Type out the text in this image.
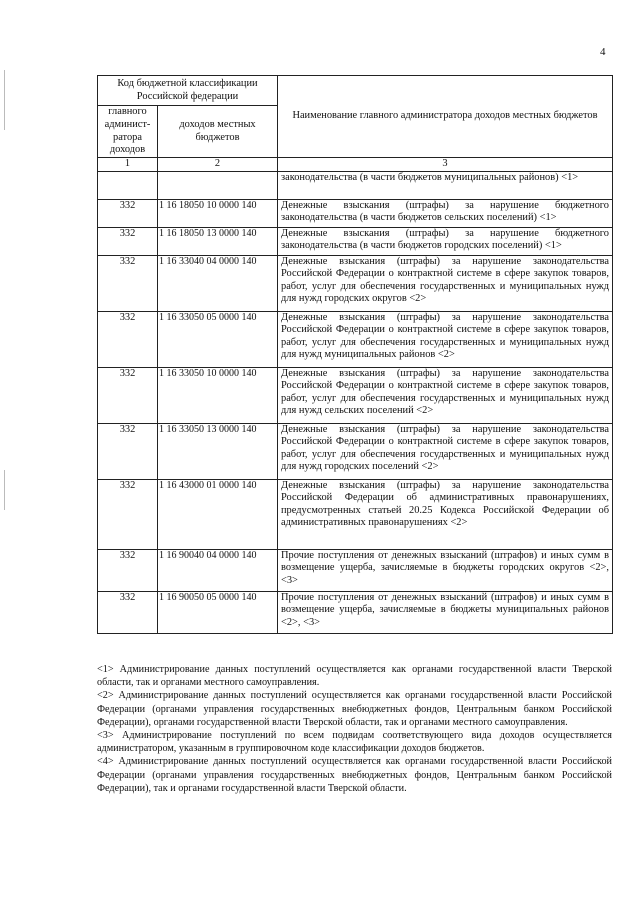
4
Код бюджетной классификации Российской федерации		Наименование главного администратора доходов местных бюджетов
главного админист-ратора доходов	доходов местных бюджетов	
1	2	3
		законодательства (в части бюджетов муниципальных районов) <1>
332	1 16 18050 10 0000 140	Денежные взыскания (штрафы) за нарушение бюджетного законодательства (в части бюджетов сельских поселений) <1>
332	1 16 18050 13 0000 140	Денежные взыскания (штрафы) за нарушение бюджетного законодательства (в части бюджетов городских поселений) <1>
332	1 16 33040 04 0000 140	Денежные взыскания (штрафы) за нарушение законодательства Российской Федерации о контрактной системе в сфере закупок товаров, работ, услуг для обеспечения государственных и муниципальных нужд для нужд городских округов <2>
332	1 16 33050 05 0000 140	Денежные взыскания (штрафы) за нарушение законодательства Российской Федерации о контрактной системе в сфере закупок товаров, работ, услуг для обеспечения государственных и муниципальных нужд для нужд муниципальных районов <2>
332	1 16 33050 10 0000 140	Денежные взыскания (штрафы) за нарушение законодательства Российской Федерации о контрактной системе в сфере закупок товаров, работ, услуг для обеспечения государственных и муниципальных нужд для нужд сельских поселений <2>
332	1 16 33050 13 0000 140	Денежные взыскания (штрафы) за нарушение законодательства Российской Федерации о контрактной системе в сфере закупок товаров, работ, услуг для обеспечения государственных и муниципальных нужд для нужд городских поселений <2>
332	1 16 43000 01 0000 140	Денежные взыскания (штрафы) за нарушение законодательства Российской Федерации об административных правонарушениях, предусмотренных статьей 20.25 Кодекса Российской Федерации об административных правонарушениях <2>
332	1 16 90040 04 0000 140	Прочие поступления от денежных взысканий (штрафов) и иных сумм в возмещение ущерба, зачисляемые в бюджеты городских округов <2>, <3>
332	1 16 90050 05 0000 140	Прочие поступления от денежных взысканий (штрафов) и иных сумм в возмещение ущерба, зачисляемые в бюджеты муниципальных районов <2>, <3>

<1> Администрирование данных поступлений осуществляется как органами государственной власти Тверской области, так и органами местного самоуправления.

<2> Администрирование данных поступлений осуществляется как органами государственной власти Российской Федерации (органами управления государственных внебюджетных фондов, Центральным банком Российской Федерации), органами государственной власти Тверской области, так и органами местного самоуправления.

<3> Администрирование поступлений по всем подвидам соответствующего вида доходов осуществляется администратором, указанным в группировочном коде классификации доходов бюджетов.

<4> Администрирование данных поступлений осуществляется как органами государственной власти Российской Федерации (органами управления государственных внебюджетных фондов, Центральным банком Российской Федерации), так и органами государственной власти Тверской области.
